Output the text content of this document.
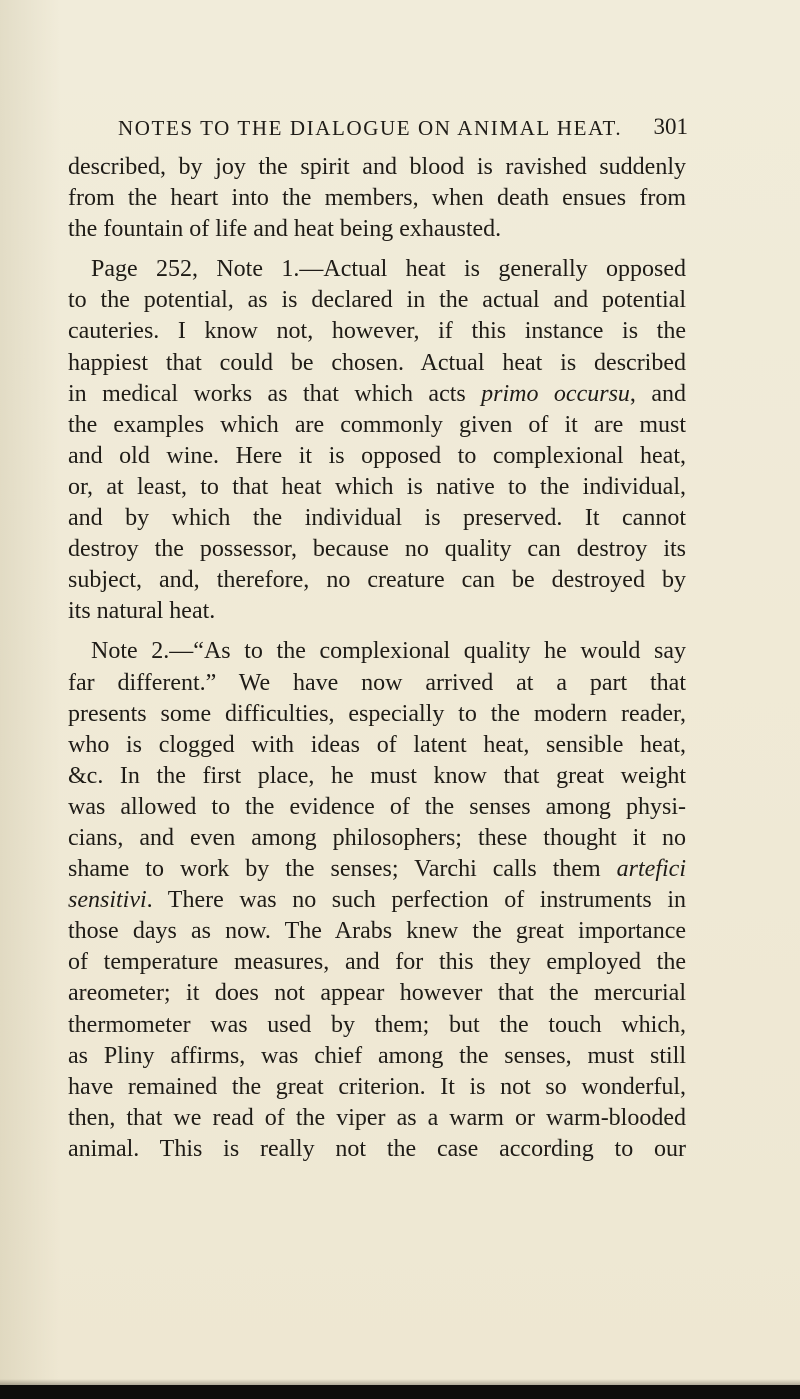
NOTES TO THE DIALOGUE ON ANIMAL HEAT. 301

described, by joy the spirit and blood is ravished suddenly
from the heart into the members, when death ensues from
the fountain of life and heat being exhausted.

Page 252, Note 1.—Actual heat is generally opposed
to the potential, as is declared in the actual and potential
cauteries. I know not, however, if this instance is the
happiest that could be chosen. Actual heat is described
in medical works as that which acts primo occursu, and
the examples which are commonly given of it are must
and old wine. Here it is opposed to complexional heat,
or, at least, to that heat which is native to the individual,
and by which the individual is preserved. It cannot
destroy the possessor, because no quality can destroy its
subject, and, therefore, no creature can be destroyed by
its natural heat.

Note 2.—“As to the complexional quality he would say
far different.” We have now arrived at a part that
presents some difficulties, especially to the modern reader,
who is clogged with ideas of latent heat, sensible heat,
&c. In the first place, he must know that great weight
was allowed to the evidence of the senses among physi-
cians, and even among philosophers; these thought it no
shame to work by the senses; Varchi calls them artefici
sensitivi. There was no such perfection of instruments in
those days as now. The Arabs knew the great importance
of temperature measures, and for this they employed the
areometer; it does not appear however that the mercurial
thermometer was used by them; but the touch which,
as Pliny affirms, was chief among the senses, must still
have remained the great criterion. It is not so wonderful,
then, that we read of the viper as a warm or warm-blooded
animal. This is really not the case according to our
